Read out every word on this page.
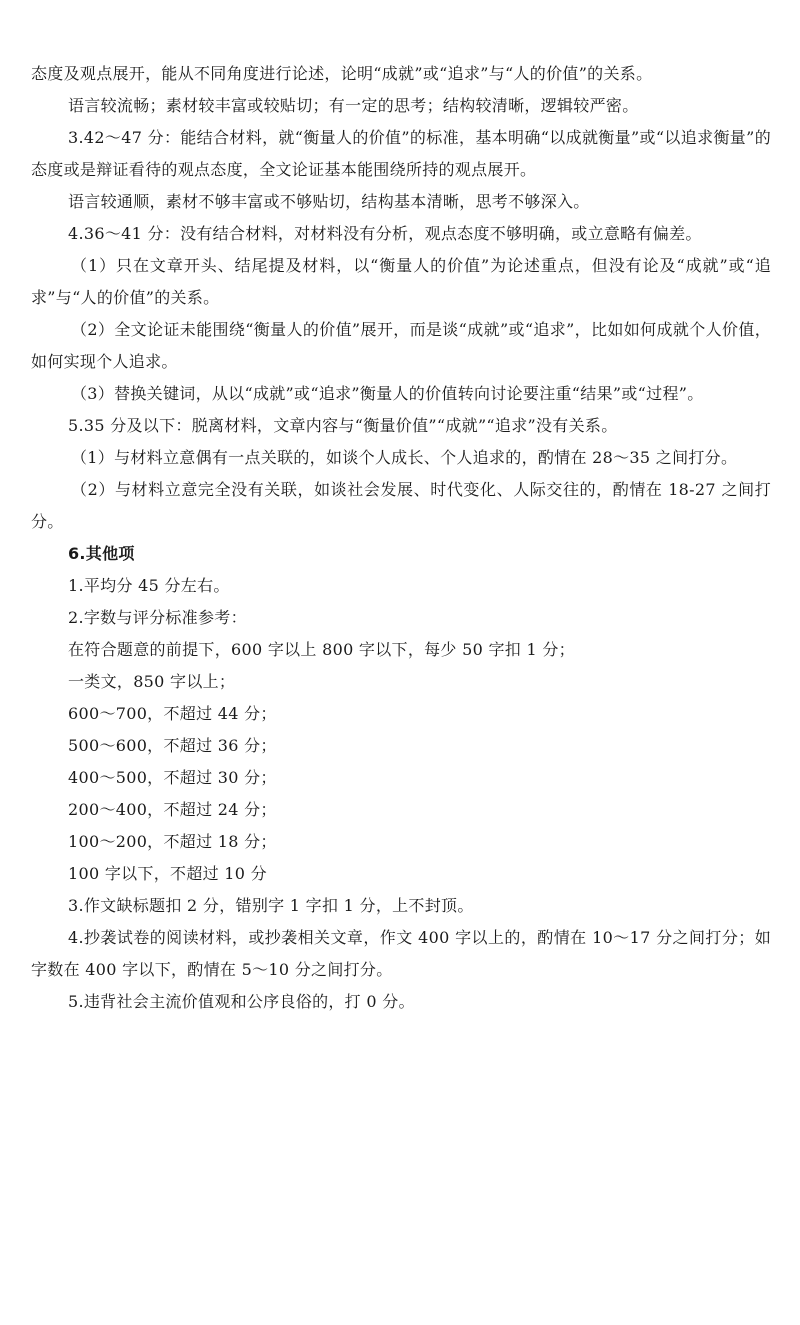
态度及观点展开，能从不同角度进行论述，论明“成就”或“追求”与“人的价值”的关系。

语言较流畅；素材较丰富或较贴切；有一定的思考；结构较清晰，逻辑较严密。

3.42～47 分：能结合材料，就“衡量人的价值”的标准，基本明确“以成就衡量”或“以追求衡量”的态度或是辩证看待的观点态度，全文论证基本能围绕所持的观点展开。

语言较通顺，素材不够丰富或不够贴切，结构基本清晰，思考不够深入。

4.36～41 分：没有结合材料，对材料没有分析，观点态度不够明确，或立意略有偏差。

（1）只在文章开头、结尾提及材料，以“衡量人的价值”为论述重点，但没有论及“成就”或“追求”与“人的价值”的关系。

（2）全文论证未能围绕“衡量人的价值”展开，而是谈“成就”或“追求”，比如如何成就个人价值，如何实现个人追求。

（3）替换关键词，从以“成就”或“追求”衡量人的价值转向讨论要注重“结果”或“过程”。

5.35 分及以下：脱离材料，文章内容与“衡量价值”“成就”“追求”没有关系。

（1）与材料立意偶有一点关联的，如谈个人成长、个人追求的，酌情在 28～35 之间打分。

（2）与材料立意完全没有关联，如谈社会发展、时代变化、人际交往的，酌情在 18-27 之间打分。

6.其他项

1.平均分 45 分左右。

2.字数与评分标准参考：

在符合题意的前提下，600 字以上 800 字以下，每少 50 字扣 1 分；

一类文，850 字以上；

600～700，不超过 44 分；

500～600，不超过 36 分；

400～500，不超过 30 分；

200～400，不超过 24 分；

100～200，不超过 18 分；

100 字以下，不超过 10 分

3.作文缺标题扣 2 分，错别字 1 字扣 1 分，上不封顶。

4.抄袭试卷的阅读材料，或抄袭相关文章，作文 400 字以上的，酌情在 10～17 分之间打分；如字数在 400 字以下，酌情在 5～10 分之间打分。

5.违背社会主流价值观和公序良俗的，打 0 分。
